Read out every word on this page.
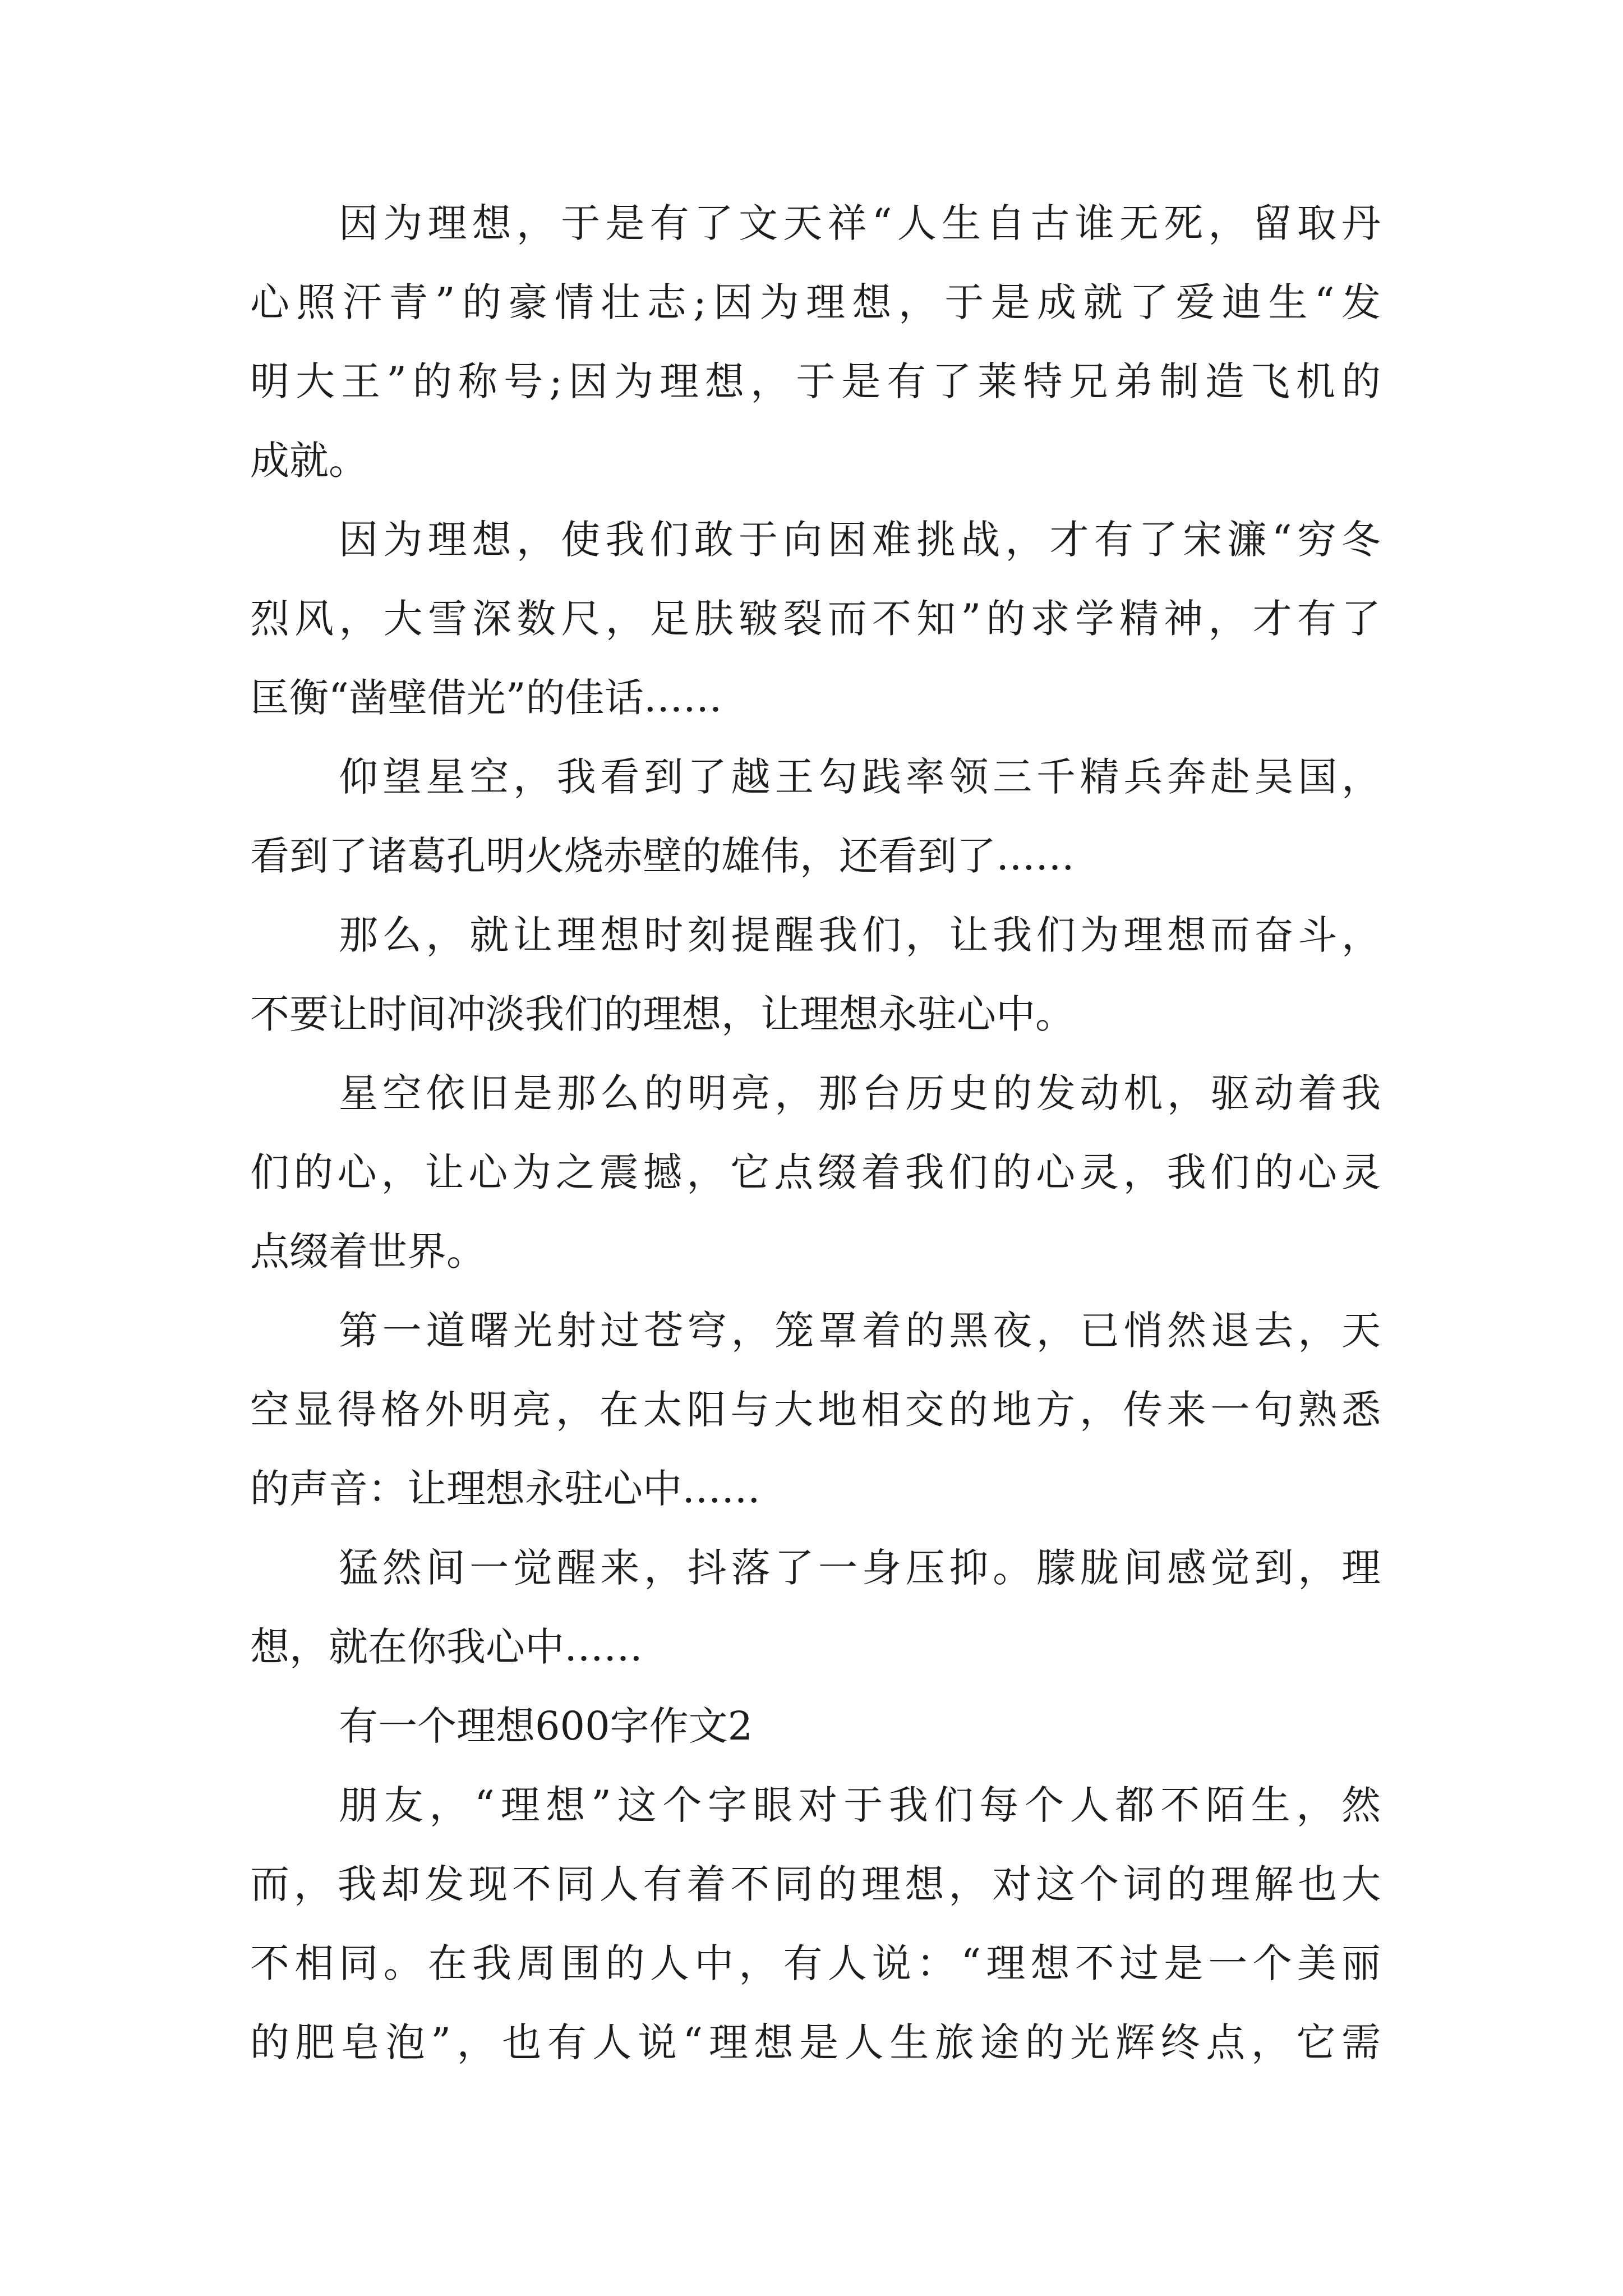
因为理想，于是有了文天祥“人生自古谁无死，留取丹

心照汗青”的豪情壮志;因为理想，于是成就了爱迪生“发

明大王”的称号;因为理想，于是有了莱特兄弟制造飞机的

成就。

因为理想，使我们敢于向困难挑战，才有了宋濂“穷冬

烈风，大雪深数尺，足肤皲裂而不知”的求学精神，才有了

匡衡“凿壁借光”的佳话……

仰望星空，我看到了越王勾践率领三千精兵奔赴吴国，

看到了诸葛孔明火烧赤壁的雄伟，还看到了……

那么，就让理想时刻提醒我们，让我们为理想而奋斗，

不要让时间冲淡我们的理想，让理想永驻心中。

星空依旧是那么的明亮，那台历史的发动机，驱动着我

们的心，让心为之震撼，它点缀着我们的心灵，我们的心灵

点缀着世界。

第一道曙光射过苍穹，笼罩着的黑夜，已悄然退去，天

空显得格外明亮，在太阳与大地相交的地方，传来一句熟悉

的声音：让理想永驻心中……

猛然间一觉醒来，抖落了一身压抑。朦胧间感觉到，理

想，就在你我心中……

有一个理想600字作文2

朋友，“理想”这个字眼对于我们每个人都不陌生，然

而，我却发现不同人有着不同的理想，对这个词的理解也大

不相同。在我周围的人中，有人说：“理想不过是一个美丽

的肥皂泡”，也有人说“理想是人生旅途的光辉终点，它需
